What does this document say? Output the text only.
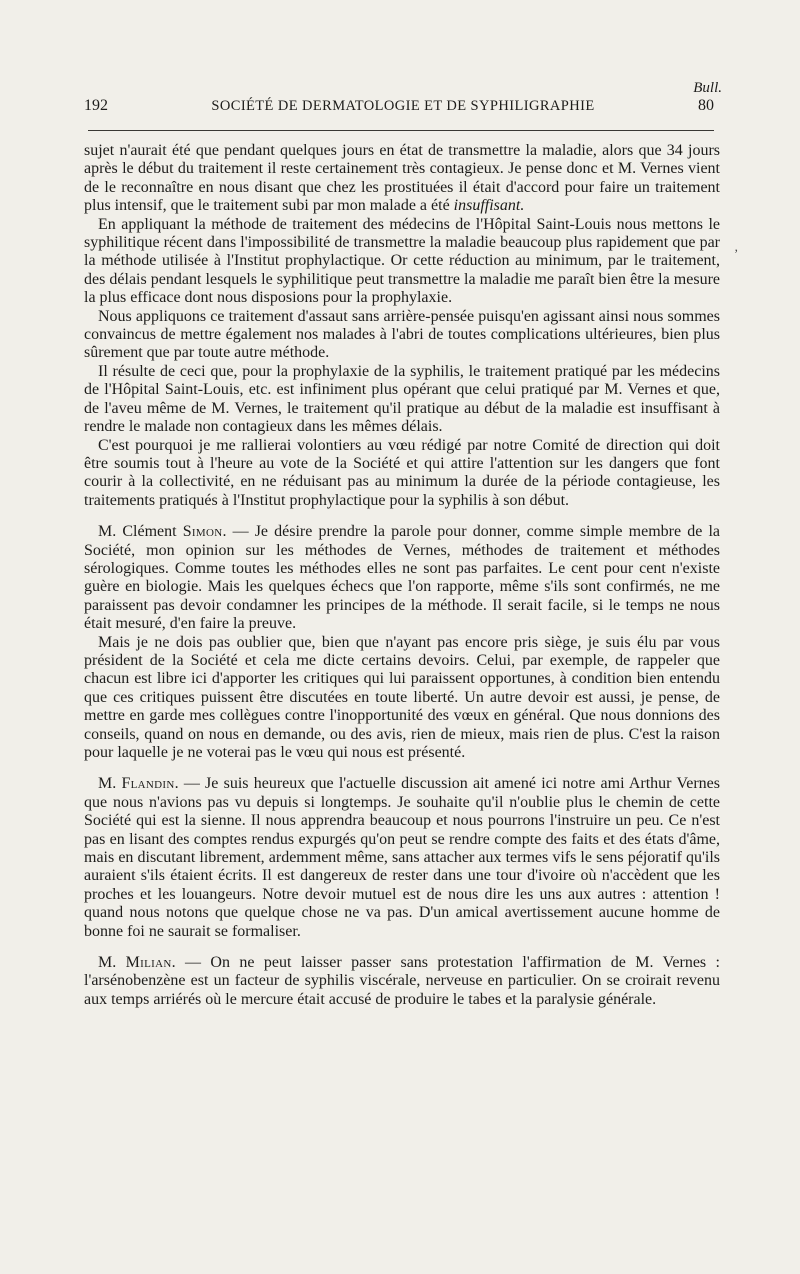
Bull.
192	SOCIÉTÉ DE DERMATOLOGIE ET DE SYPHILIGRAPHIE	80
ʼ

sujet n'aurait été que pendant quelques jours en état de transmettre la maladie, alors que 34 jours après le début du traitement il reste certainement très contagieux. Je pense donc et M. Vernes vient de le reconnaître en nous disant que chez les prostituées il était d'accord pour faire un traitement plus intensif, que le traitement subi par mon malade a été insuffisant.

En appliquant la méthode de traitement des médecins de l'Hôpital Saint-Louis nous mettons le syphilitique récent dans l'impossibilité de transmettre la maladie beaucoup plus rapidement que par la méthode utilisée à l'Institut prophylactique. Or cette réduction au minimum, par le traitement, des délais pendant lesquels le syphilitique peut transmettre la maladie me paraît bien être la mesure la plus efficace dont nous disposions pour la prophylaxie.

Nous appliquons ce traitement d'assaut sans arrière-pensée puisqu'en agissant ainsi nous sommes convaincus de mettre également nos malades à l'abri de toutes complications ultérieures, bien plus sûrement que par toute autre méthode.

Il résulte de ceci que, pour la prophylaxie de la syphilis, le traitement pratiqué par les médecins de l'Hôpital Saint-Louis, etc. est infiniment plus opérant que celui pratiqué par M. Vernes et que, de l'aveu même de M. Vernes, le traitement qu'il pratique au début de la maladie est insuffisant à rendre le malade non contagieux dans les mêmes délais.

C'est pourquoi je me rallierai volontiers au vœu rédigé par notre Comité de direction qui doit être soumis tout à l'heure au vote de la Société et qui attire l'attention sur les dangers que font courir à la collectivité, en ne réduisant pas au minimum la durée de la période contagieuse, les traitements pratiqués à l'Institut prophylactique pour la syphilis à son début.

M. Clément Simon. — Je désire prendre la parole pour donner, comme simple membre de la Société, mon opinion sur les méthodes de Vernes, méthodes de traitement et méthodes sérologiques. Comme toutes les méthodes elles ne sont pas parfaites. Le cent pour cent n'existe guère en biologie. Mais les quelques échecs que l'on rapporte, même s'ils sont confirmés, ne me paraissent pas devoir condamner les principes de la méthode. Il serait facile, si le temps ne nous était mesuré, d'en faire la preuve.

Mais je ne dois pas oublier que, bien que n'ayant pas encore pris siège, je suis élu par vous président de la Société et cela me dicte certains devoirs. Celui, par exemple, de rappeler que chacun est libre ici d'apporter les critiques qui lui paraissent opportunes, à condition bien entendu que ces critiques puissent être discutées en toute liberté. Un autre devoir est aussi, je pense, de mettre en garde mes collègues contre l'inopportunité des vœux en général. Que nous donnions des conseils, quand on nous en demande, ou des avis, rien de mieux, mais rien de plus. C'est la raison pour laquelle je ne voterai pas le vœu qui nous est présenté.

M. Flandin. — Je suis heureux que l'actuelle discussion ait amené ici notre ami Arthur Vernes que nous n'avions pas vu depuis si longtemps. Je souhaite qu'il n'oublie plus le chemin de cette Société qui est la sienne. Il nous apprendra beaucoup et nous pourrons l'instruire un peu. Ce n'est pas en lisant des comptes rendus expurgés qu'on peut se rendre compte des faits et des états d'âme, mais en discutant librement, ardemment même, sans attacher aux termes vifs le sens péjoratif qu'ils auraient s'ils étaient écrits. Il est dangereux de rester dans une tour d'ivoire où n'accèdent que les proches et les louangeurs. Notre devoir mutuel est de nous dire les uns aux autres : attention ! quand nous notons que quelque chose ne va pas. D'un amical avertissement aucune homme de bonne foi ne saurait se formaliser.

M. Milian. — On ne peut laisser passer sans protestation l'affirmation de M. Vernes : l'arsénobenzène est un facteur de syphilis viscérale, nerveuse en particulier. On se croirait revenu aux temps arriérés où le mercure était accusé de produire le tabes et la paralysie générale.
